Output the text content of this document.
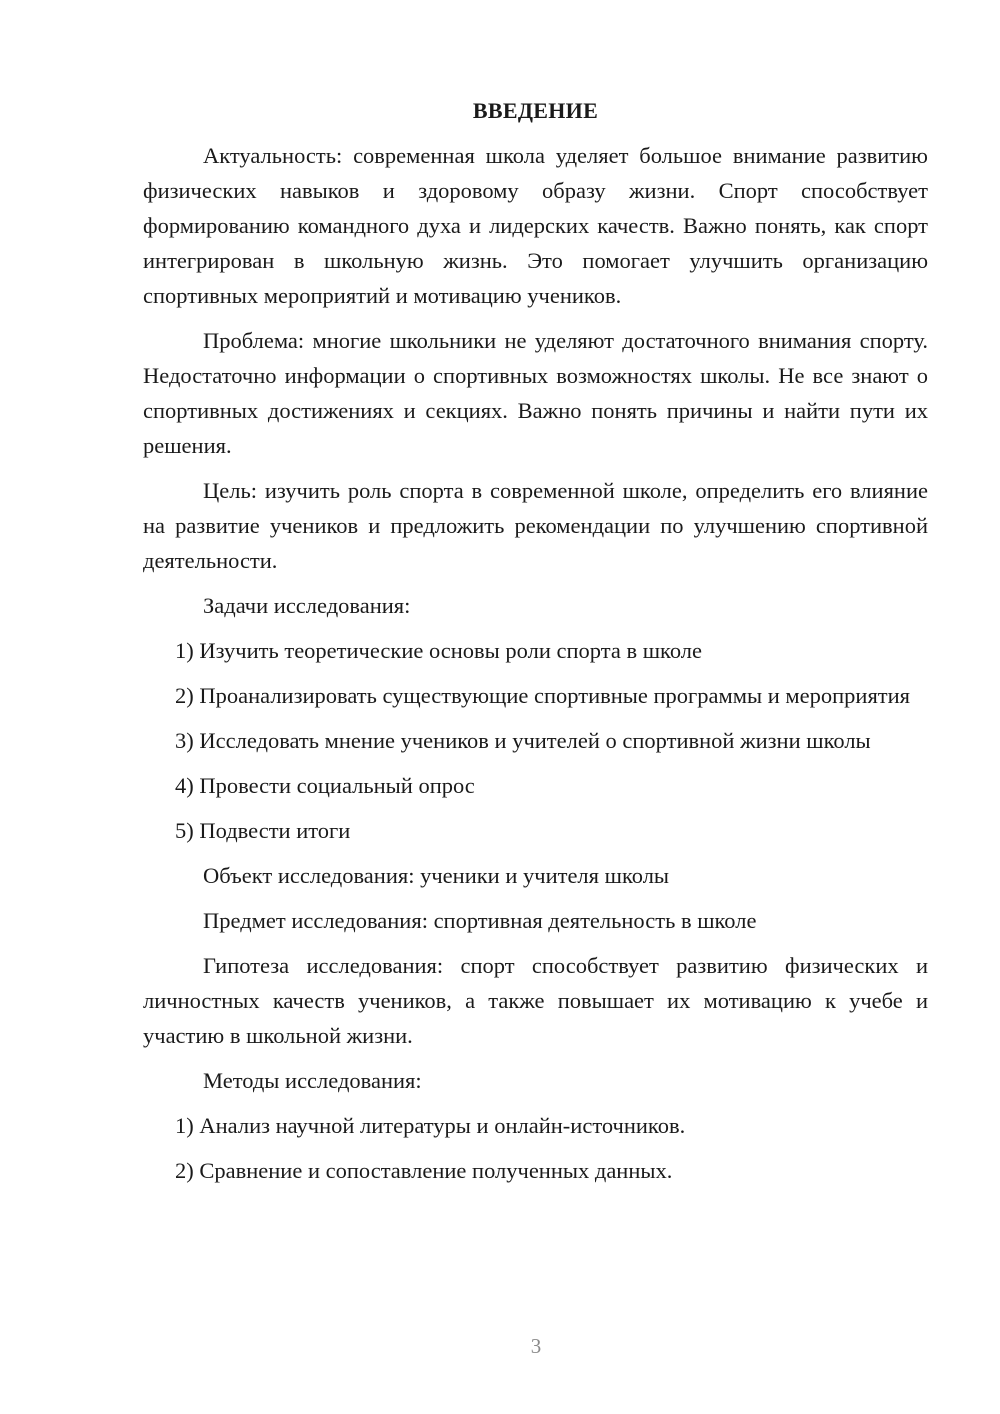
ВВЕДЕНИЕ

Актуальность: современная школа уделяет большое внимание развитию физических навыков и здоровому образу жизни. Спорт способствует формированию командного духа и лидерских качеств. Важно понять, как спорт интегрирован в школьную жизнь. Это помогает улучшить организацию спортивных мероприятий и мотивацию учеников.

Проблема: многие школьники не уделяют достаточного внимания спорту. Недостаточно информации о спортивных возможностях школы. Не все знают о спортивных достижениях и секциях. Важно понять причины и найти пути их решения.

Цель: изучить роль спорта в современной школе, определить его влияние на развитие учеников и предложить рекомендации по улучшению спортивной деятельности.

Задачи исследования:

1) Изучить теоретические основы роли спорта в школе

2) Проанализировать существующие спортивные программы и мероприятия

3) Исследовать мнение учеников и учителей о спортивной жизни школы

4) Провести социальный опрос

5) Подвести итоги

Объект исследования: ученики и учителя школы

Предмет исследования: спортивная деятельность в школе

Гипотеза исследования: спорт способствует развитию физических и личностных качеств учеников, а также повышает их мотивацию к учебе и участию в школьной жизни.

Методы исследования:

1) Анализ научной литературы и онлайн-источников.

2) Сравнение и сопоставление полученных данных.

3
